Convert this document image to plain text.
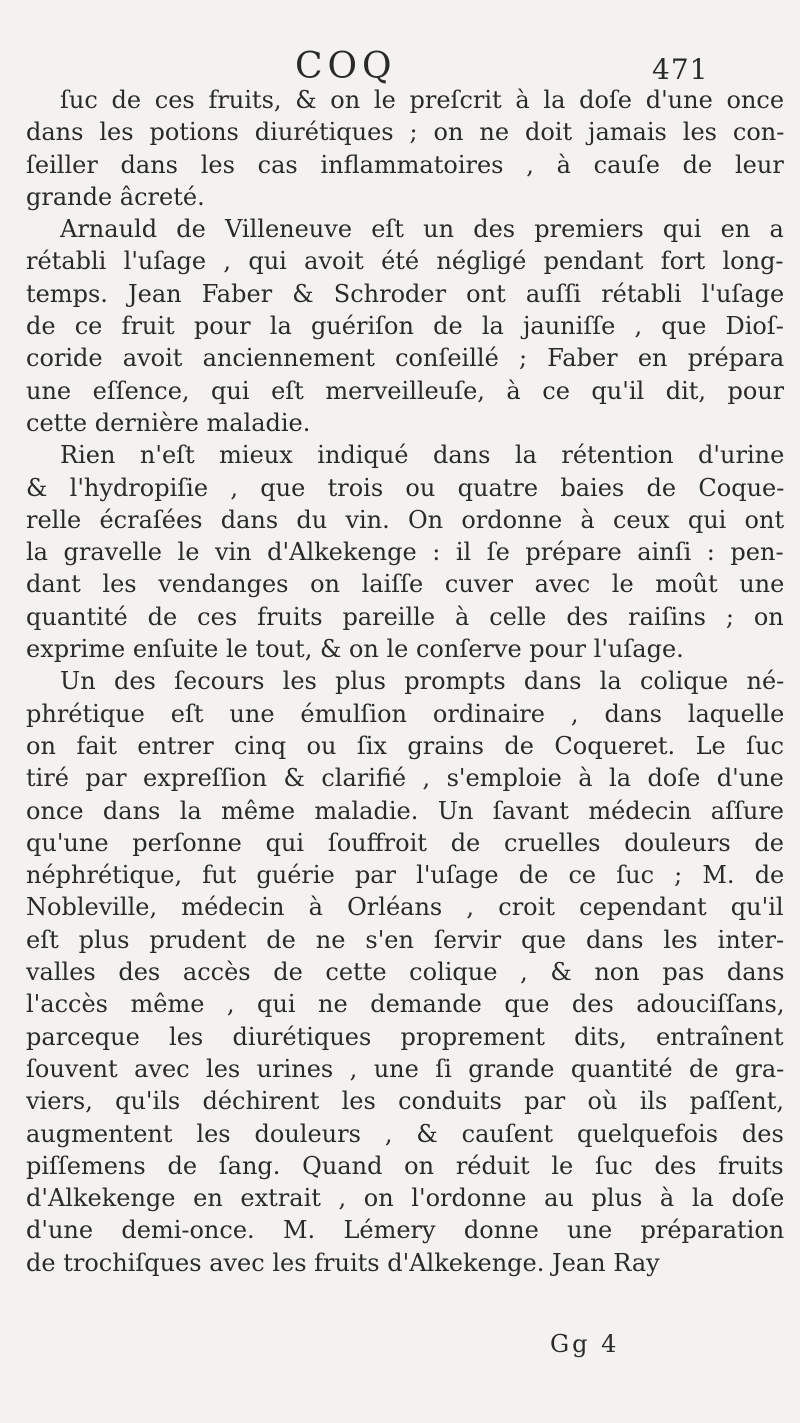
COQ	471

ſuc de ces fruits, & on le preſcrit à la doſe d'une once
dans les potions diurétiques ; on ne doit jamais les con-
ſeiller dans les cas inflammatoires , à cauſe de leur
grande âcreté.

Arnauld de Villeneuve eſt un des premiers qui en a
rétabli l'uſage , qui avoit été négligé pendant fort long-
temps. Jean Faber & Schroder ont auſſi rétabli l'uſage
de ce fruit pour la guériſon de la jauniſſe , que Dioſ-
coride avoit anciennement conſeillé ; Faber en prépara
une eſſence, qui eſt merveilleuſe, à ce qu'il dit, pour
cette dernière maladie.

Rien n'eſt mieux indiqué dans la rétention d'urine
& l'hydropiſie , que trois ou quatre baies de Coque-
relle écraſées dans du vin. On ordonne à ceux qui ont
la gravelle le vin d'Alkekenge : il ſe prépare ainſi : pen-
dant les vendanges on laiſſe cuver avec le moût une
quantité de ces fruits pareille à celle des raiſins ; on
exprime enſuite le tout, & on le conſerve pour l'uſage.

Un des ſecours les plus prompts dans la colique né-
phrétique eſt une émulſion ordinaire , dans laquelle
on fait entrer cinq ou ſix grains de Coqueret. Le ſuc
tiré par expreſſion & clarifié , s'emploie à la doſe d'une
once dans la même maladie. Un ſavant médecin aſſure
qu'une perſonne qui ſouffroit de cruelles douleurs de
néphrétique, fut guérie par l'uſage de ce ſuc ; M. de
Nobleville, médecin à Orléans , croit cependant qu'il
eſt plus prudent de ne s'en ſervir que dans les inter-
valles des accès de cette colique , & non pas dans
l'accès même , qui ne demande que des adouciſſans,
parceque les diurétiques proprement dits, entraînent
ſouvent avec les urines , une ſi grande quantité de gra-
viers, qu'ils déchirent les conduits par où ils paſſent,
augmentent les douleurs , & cauſent quelquefois des
piſſemens de ſang. Quand on réduit le ſuc des fruits
d'Alkekenge en extrait , on l'ordonne au plus à la doſe
d'une demi-once. M. Lémery donne une préparation
de trochiſques avec les fruits d'Alkekenge. Jean Ray

Gg 4
